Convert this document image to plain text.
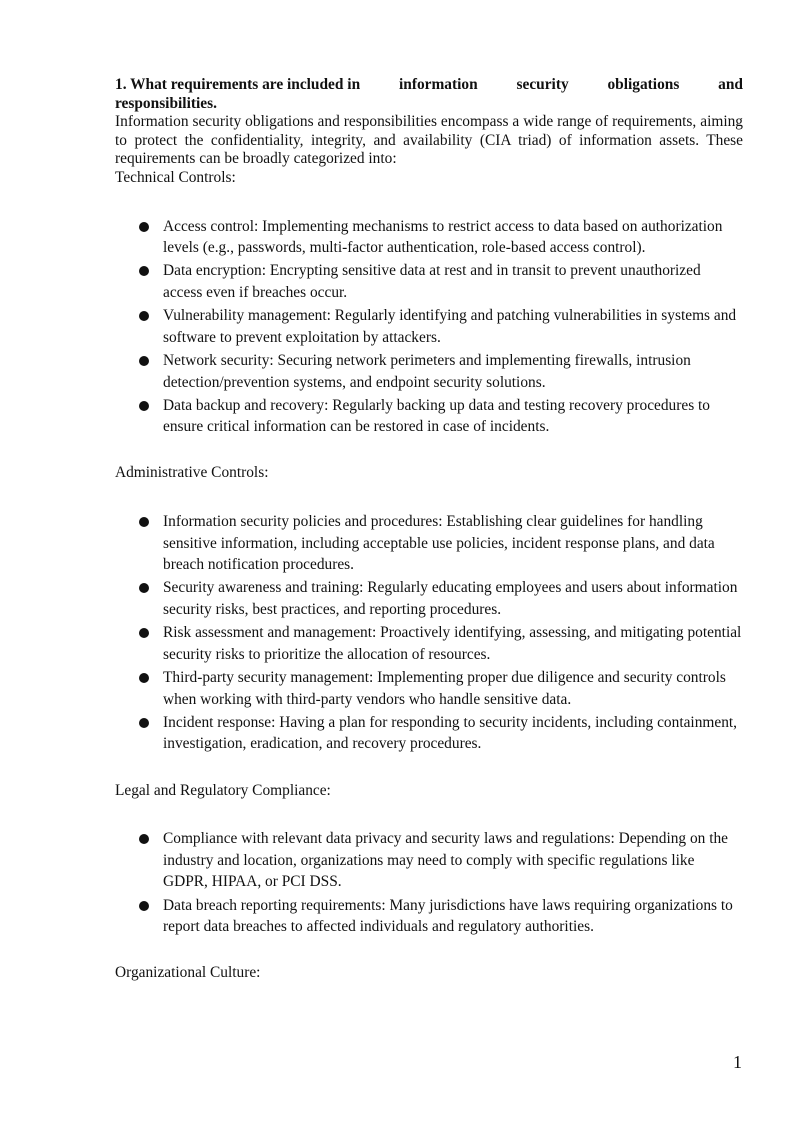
1. What requirements are included in	information	security	obligations	and
responsibilities.
Information security obligations and responsibilities encompass a wide range of requirements, aiming to protect the confidentiality, integrity, and availability (CIA triad) of information assets. These requirements can be broadly categorized into:
Technical Controls:
Access control: Implementing mechanisms to restrict access to data based on authorization levels (e.g., passwords, multi-factor authentication, role-based access control).
Data encryption: Encrypting sensitive data at rest and in transit to prevent unauthorized access even if breaches occur.
Vulnerability management: Regularly identifying and patching vulnerabilities in systems and software to prevent exploitation by attackers.
Network security: Securing network perimeters and implementing firewalls, intrusion detection/prevention systems, and endpoint security solutions.
Data backup and recovery: Regularly backing up data and testing recovery procedures to ensure critical information can be restored in case of incidents.
Administrative Controls:
Information security policies and procedures: Establishing clear guidelines for handling sensitive information, including acceptable use policies, incident response plans, and data breach notification procedures.
Security awareness and training: Regularly educating employees and users about information security risks, best practices, and reporting procedures.
Risk assessment and management: Proactively identifying, assessing, and mitigating potential security risks to prioritize the allocation of resources.
Third-party security management: Implementing proper due diligence and security controls when working with third-party vendors who handle sensitive data.
Incident response: Having a plan for responding to security incidents, including containment, investigation, eradication, and recovery procedures.
Legal and Regulatory Compliance:
Compliance with relevant data privacy and security laws and regulations: Depending on the industry and location, organizations may need to comply with specific regulations like GDPR, HIPAA, or PCI DSS.
Data breach reporting requirements: Many jurisdictions have laws requiring organizations to report data breaches to affected individuals and regulatory authorities.
Organizational Culture:
1
